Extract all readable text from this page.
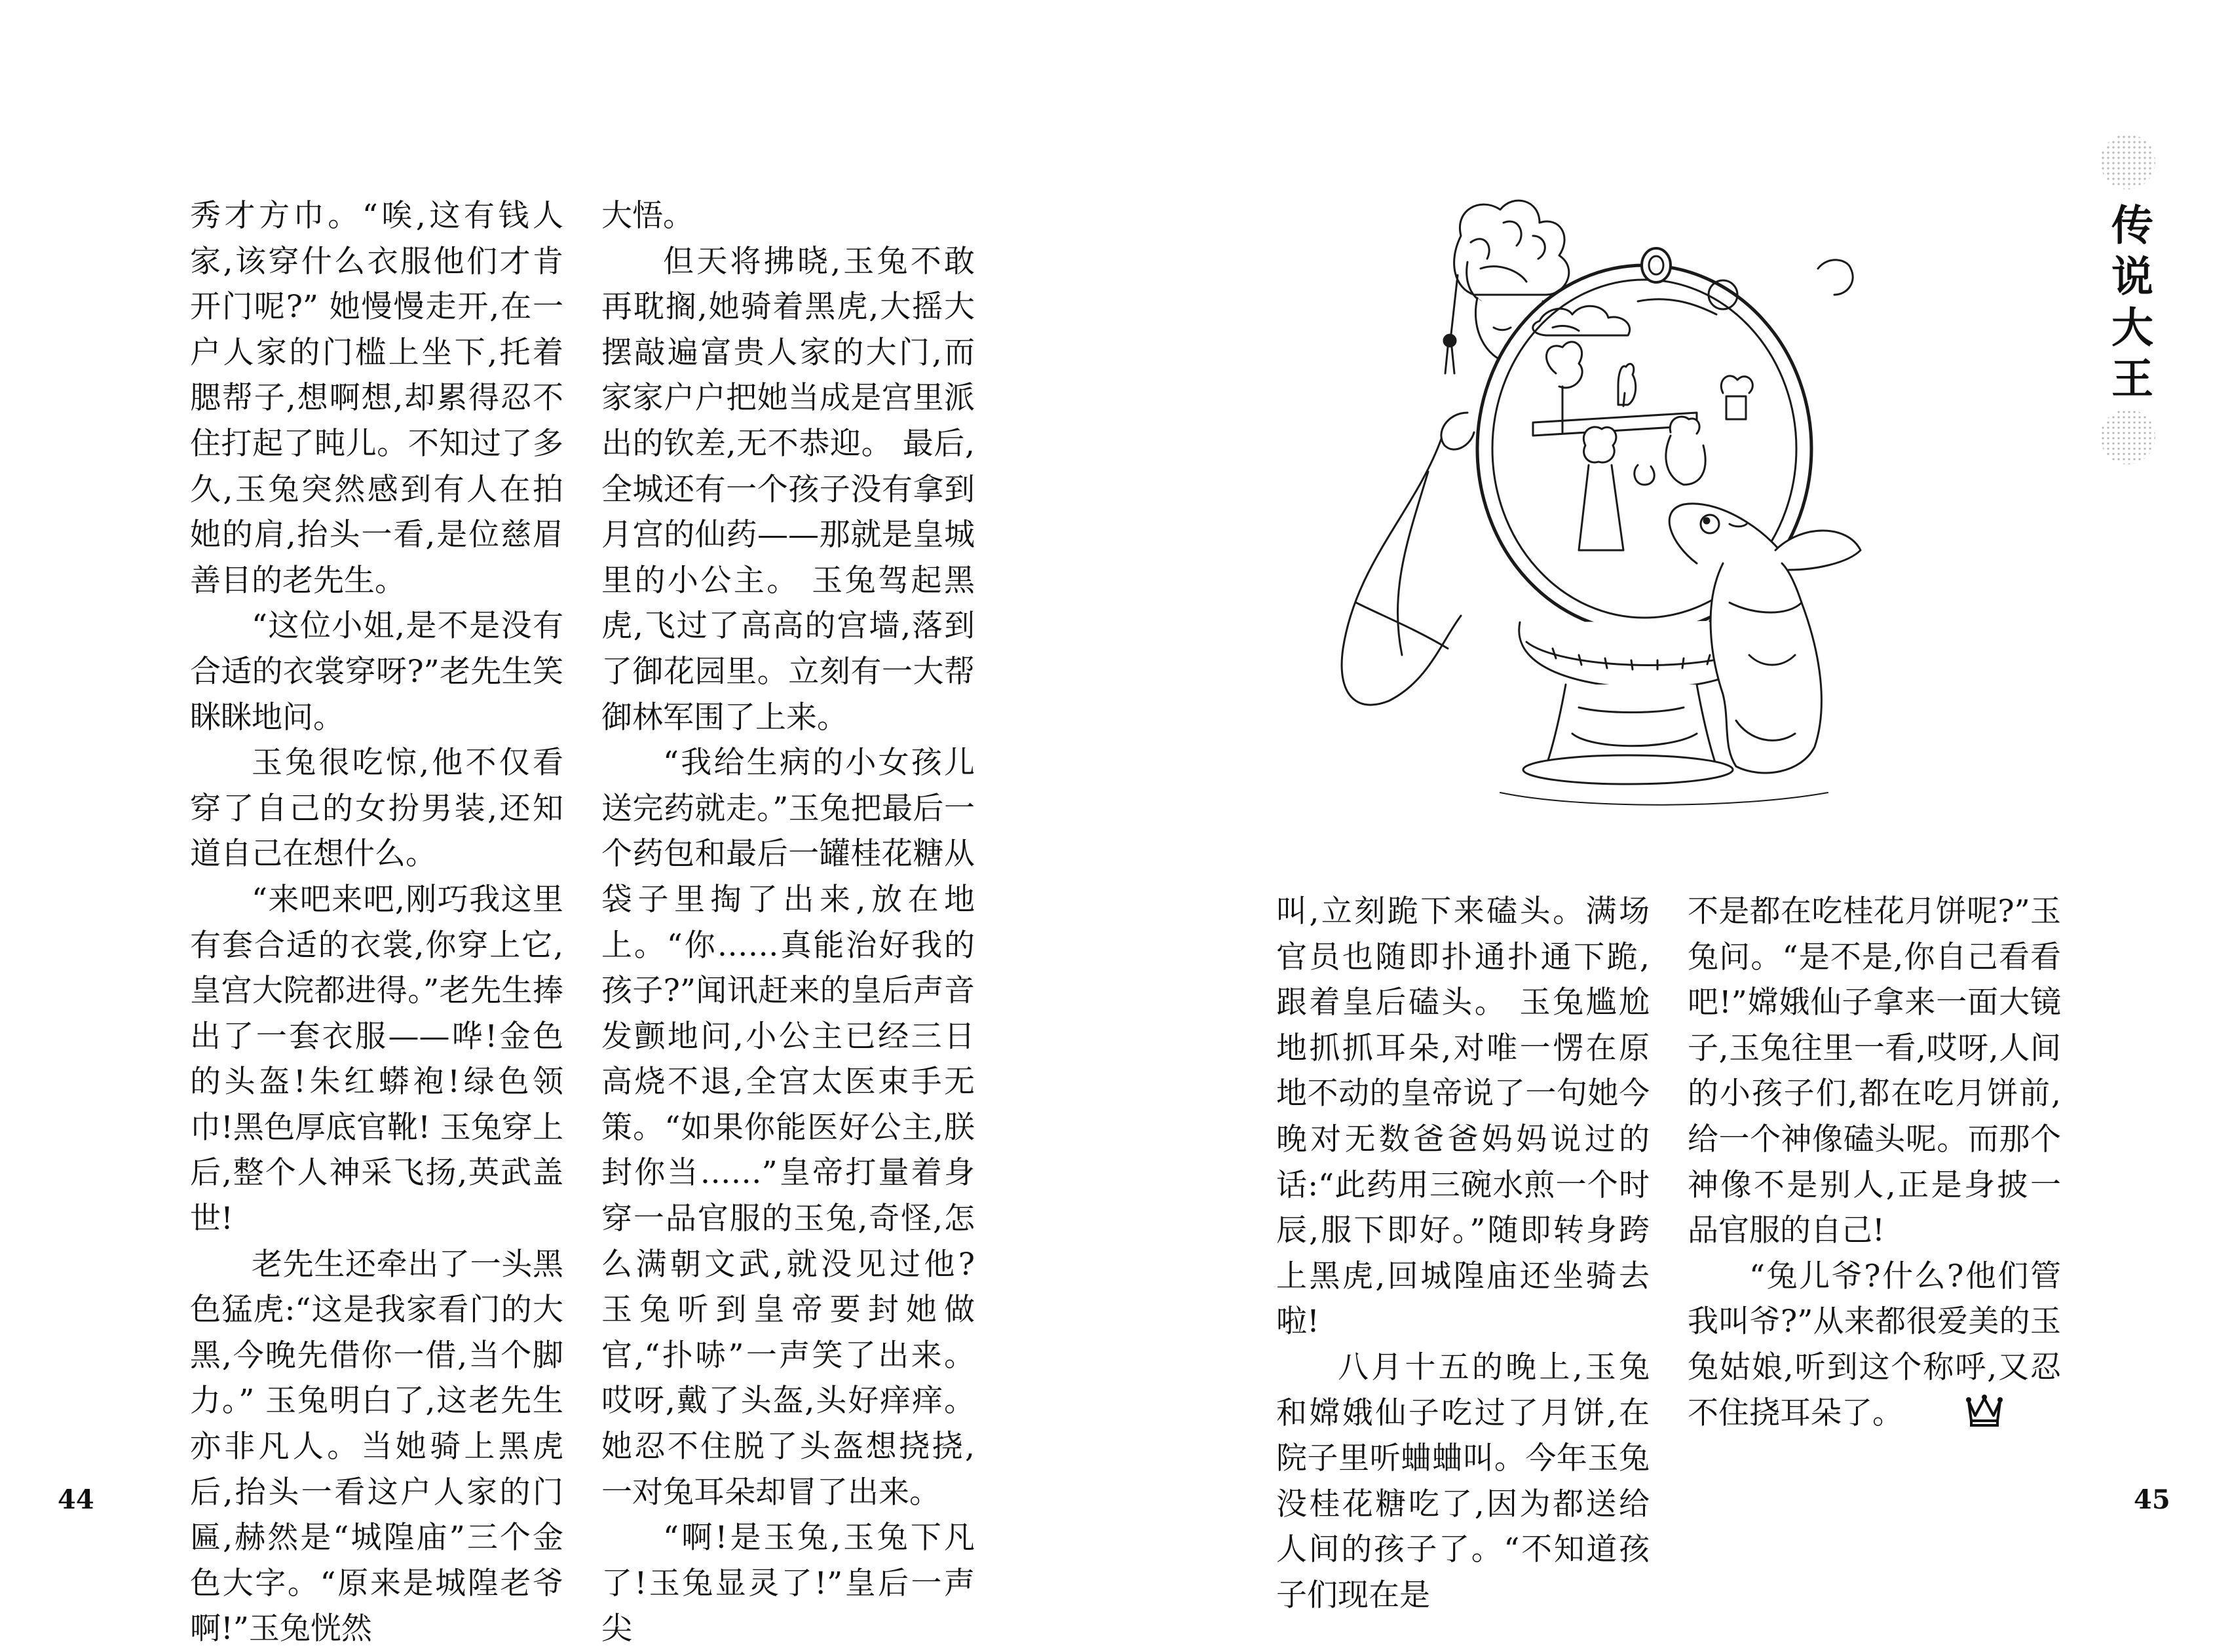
秀才方巾。“唉,这有钱人家,该穿什么衣服他们才肯开门呢?” 她慢慢走开,在一户人家的门槛上坐下,托着腮帮子,想啊想,却累得忍不住打起了盹儿。不知过了多久,玉兔突然感到有人在拍她的肩,抬头一看,是位慈眉善目的老先生。

“这位小姐,是不是没有合适的衣裳穿呀?”老先生笑眯眯地问。

玉兔很吃惊,他不仅看穿了自己的女扮男装,还知道自己在想什么。

“来吧来吧,刚巧我这里有套合适的衣裳,你穿上它,皇宫大院都进得。”老先生捧出了一套衣服——哗!金色的头盔!朱红蟒袍!绿色领巾!黑色厚底官靴! 玉兔穿上后,整个人神采飞扬,英武盖世!

老先生还牵出了一头黑色猛虎:“这是我家看门的大黑,今晚先借你一借,当个脚力。” 玉兔明白了,这老先生亦非凡人。当她骑上黑虎后,抬头一看这户人家的门匾,赫然是“城隍庙”三个金色大字。“原来是城隍老爷啊!”玉兔恍然

大悟。

但天将拂晓,玉兔不敢再耽搁,她骑着黑虎,大摇大摆敲遍富贵人家的大门,而家家户户把她当成是宫里派出的钦差,无不恭迎。 最后,全城还有一个孩子没有拿到月宫的仙药——那就是皇城里的小公主。 玉兔驾起黑虎,飞过了高高的宫墙,落到了御花园里。立刻有一大帮御林军围了上来。

“我给生病的小女孩儿送完药就走。”玉兔把最后一个药包和最后一罐桂花糖从袋子里掏了出来,放在地上。“你……真能治好我的孩子?”闻讯赶来的皇后声音发颤地问,小公主已经三日高烧不退,全宫太医束手无策。“如果你能医好公主,朕封你当……”皇帝打量着身穿一品官服的玉兔,奇怪,怎么满朝文武,就没见过他? 玉兔听到皇帝要封她做官,“扑哧”一声笑了出来。哎呀,戴了头盔,头好痒痒。她忍不住脱了头盔想挠挠,一对兔耳朵却冒了出来。

“啊!是玉兔,玉兔下凡了!玉兔显灵了!”皇后一声尖

44

叫,立刻跪下来磕头。满场官员也随即扑通扑通下跪,跟着皇后磕头。 玉兔尴尬地抓抓耳朵,对唯一愣在原地不动的皇帝说了一句她今晚对无数爸爸妈妈说过的话:“此药用三碗水煎一个时辰,服下即好。”随即转身跨上黑虎,回城隍庙还坐骑去啦!

八月十五的晚上,玉兔和嫦娥仙子吃过了月饼,在院子里听蛐蛐叫。今年玉兔没桂花糖吃了,因为都送给人间的孩子了。“不知道孩子们现在是

不是都在吃桂花月饼呢?”玉兔问。“是不是,你自己看看吧!”嫦娥仙子拿来一面大镜子,玉兔往里一看,哎呀,人间的小孩子们,都在吃月饼前,给一个神像磕头呢。而那个神像不是别人,正是身披一品官服的自己!

“兔儿爷?什么?他们管我叫爷?”从来都很爱美的玉兔姑娘,听到这个称呼,又忍不住挠耳朵了。

45
传说大王
